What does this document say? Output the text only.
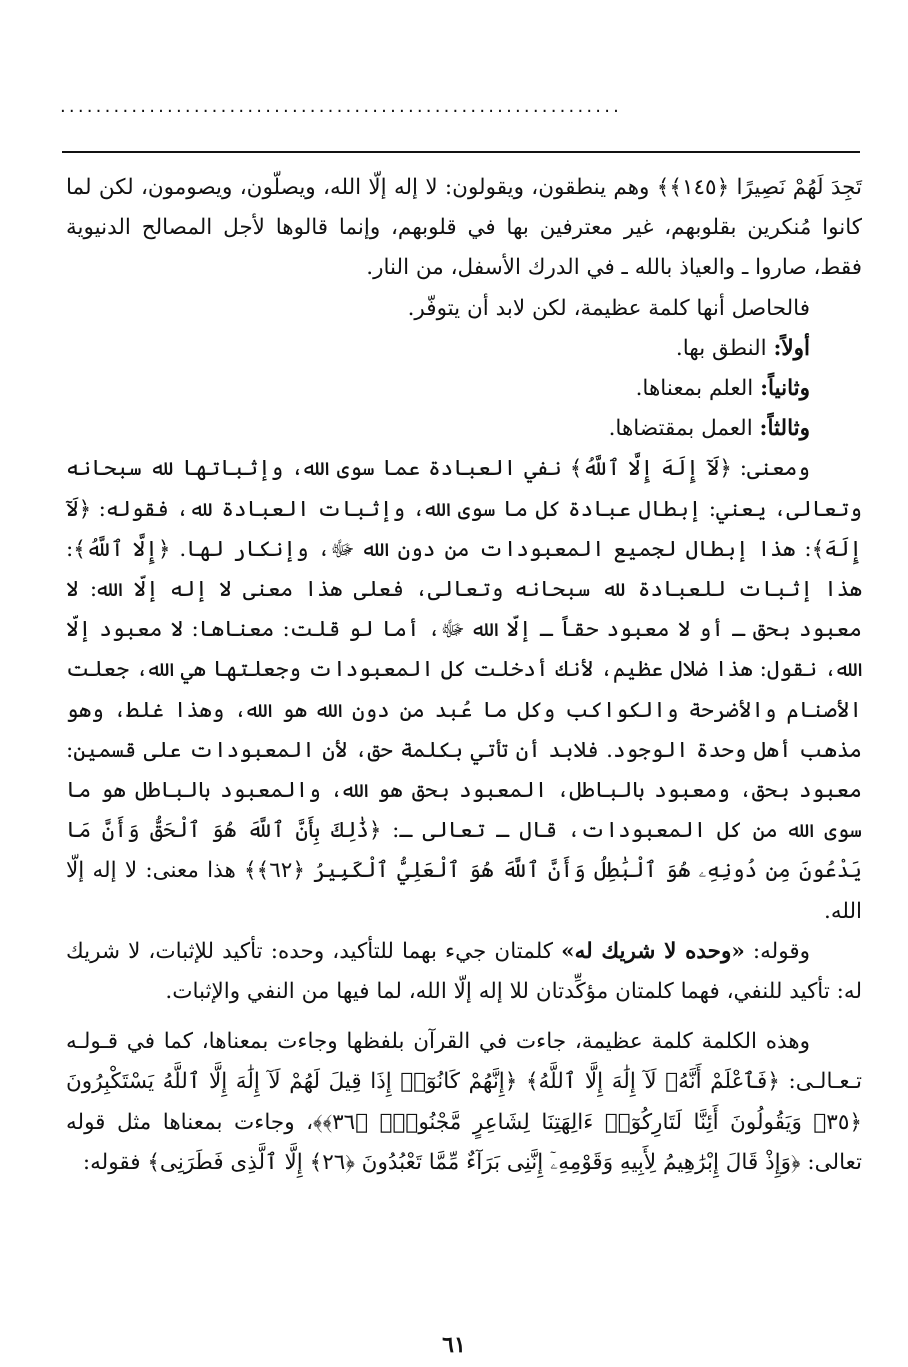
...............................................................

تَجِدَ لَهُمْ نَصِيرًا ﴿١٤٥﴾﴾ وهم ينطقون، ويقولون: لا إله إلّا الله، ويصلّون، ويصومون، لكن لما كانوا مُنكرين بقلوبهم، غير معترفين بها في قلوبهم، وإنما قالوها لأجل المصالح الدنيوية فقط، صاروا ـ والعياذ بالله ـ في الدرك الأسفل، من النار.

فالحاصل أنها كلمة عظيمة، لكن لابد أن يتوفّر.

أولاً: النطق بها.

وثانياً: العلم بمعناها.

وثالثاً: العمل بمقتضاها.

ومعنى: ﴿لَآ إِلَهَ إِلَّا ٱللَّهُ﴾ نفي العبادة عما سوى الله، وإثباتها لله سبحانه وتعالى، يعني: إبطال عبادة كل ما سوى الله، وإثبات العبادة لله، فقوله: ﴿لَآ إِلَهَ﴾: هذا إبطال لجميع المعبودات من دون الله ﷻ، وإنكار لها. ﴿إِلَّا ٱللَّهُ﴾: هذا إثبات للعبادة لله سبحانه وتعالى، فعلى هذا معنى لا إله إلّا الله: لا معبود بحق ـ أو لا معبود حقاً ـ إلّا الله ﷻ، أما لو قلت: معناها: لا معبود إلّا الله، نقول: هذا ضلال عظيم، لأنك أدخلت كل المعبودات وجعلتها هي الله، جعلت الأصنام والأضرحة والكواكب وكل ما عُبد من دون الله هو الله، وهذا غلط، وهو مذهب أهل وحدة الوجود. فلابد أن تأتي بكلمة حق، لأن المعبودات على قسمين: معبود بحق، ومعبود بالباطل، المعبود بحق هو الله، والمعبود بالباطل هو ما سوى الله من كل المعبودات، قال ـ تعالى ـ: ﴿ذَٰلِكَ بِأَنَّ ٱللَّهَ هُوَ ٱلْحَقُّ وَأَنَّ مَا يَدْعُونَ مِن دُونِهِۦ هُوَ ٱلْبَٰطِلُ وَأَنَّ ٱللَّهَ هُوَ ٱلْعَلِيُّ ٱلْكَبِيرُ ﴿٦٢﴾﴾ هذا معنى: لا إله إلّا الله.

وقوله: «وحده لا شريك له» كلمتان جيء بهما للتأكيد، وحده: تأكيد للإثبات، لا شريك له: تأكيد للنفي، فهما كلمتان مؤكِّدتان للا إله إلّا الله، لما فيها من النفي والإثبات.

وهذه الكلمة كلمة عظيمة، جاءت في القرآن بلفظها وجاءت بمعناها، كما في قـولـه تـعـالـى: ﴿فَٱعْلَمْ أَنَّهُۥ لَآ إِلَٰهَ إِلَّا ٱللَّهُ﴾ ﴿إِنَّهُمْ كَانُوٓا۟ إِذَا قِيلَ لَهُمْ لَآ إِلَٰهَ إِلَّا ٱللَّهُ يَسْتَكْبِرُونَ ﴿٣٥﴾ وَيَقُولُونَ أَئِنَّا لَتَارِكُوٓا۟ ءَالِهَتِنَا لِشَاعِرٍ مَّجْنُونٍۭ ﴿٣٦﴾﴾، وجاءت بمعناها مثل قوله تعالى: ﴿وَإِذْ قَالَ إِبْرَٰهِيمُ لِأَبِيهِ وَقَوْمِهِۦٓ إِنَّنِى بَرَآءٌ مِّمَّا تَعْبُدُونَ ﴿٢٦﴾ إِلَّا ٱلَّذِى فَطَرَنِى﴾ فقوله:

٦١
